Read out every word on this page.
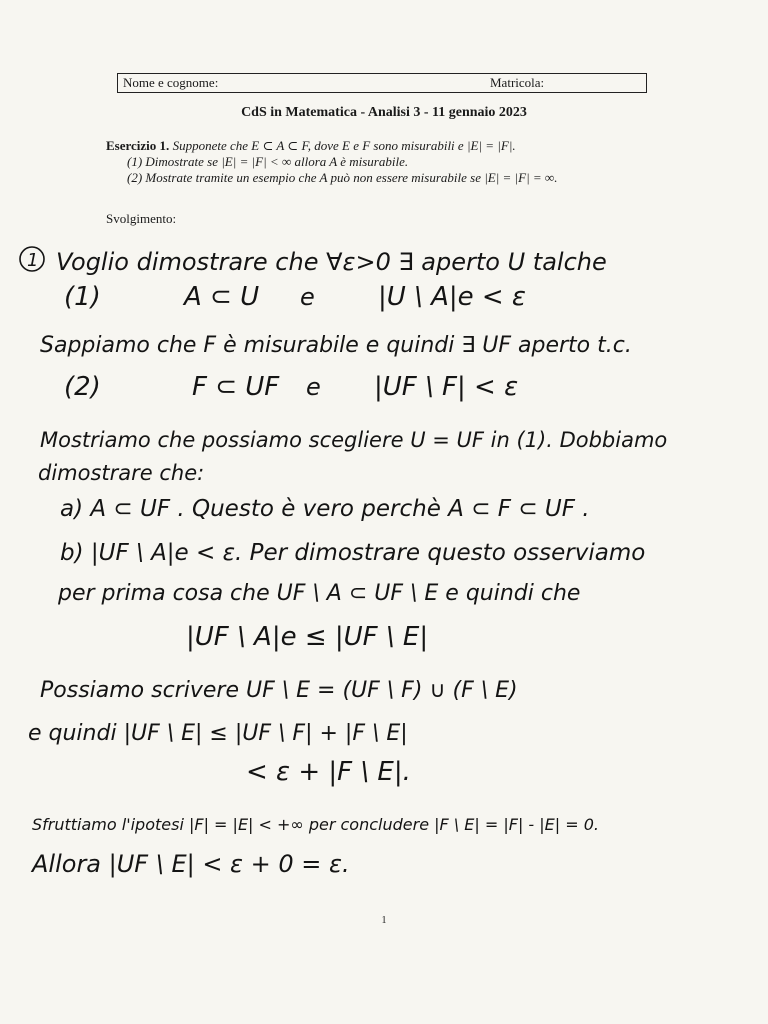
Nome e cognome:	Matricola:
CdS in Matematica - Analisi 3 - 11 gennaio 2023
Esercizio 1. Supponete che E ⊂ A ⊂ F, dove E e F sono misurabili e |E| = |F|.
(1) Dimostrate se |E| = |F| < ∞ allora A è misurabile.
(2) Mostrate tramite un esempio che A può non essere misurabile se |E| = |F| = ∞.
Svolgimento:
1 Voglio dimostrare che ∀ε>0 ∃ aperto U talche
(1)	A ⊂ U e |U \ A|e < ε
Sappiamo che F è misurabile e quindi ∃ UF aperto t.c.
(2)	F ⊂ UF e |UF \ F| < ε
Mostriamo che possiamo scegliere U = UF in (1). Dobbiamo
dimostrare che:
a) A ⊂ UF . Questo è vero perchè A ⊂ F ⊂ UF .
b) |UF \ A|e < ε. Per dimostrare questo osserviamo
per prima cosa che UF \ A ⊂ UF \ E e quindi che
|UF \ A|e ≤ |UF \ E|
Possiamo scrivere UF \ E = (UF \ F) ∪ (F \ E)
e quindi |UF \ E| ≤ |UF \ F| + |F \ E|
< ε + |F \ E|.
Sfruttiamo l'ipotesi |F| = |E| < +∞ per concludere |F \ E| = |F| - |E| = 0.
Allora |UF \ E| < ε + 0 = ε.
1
